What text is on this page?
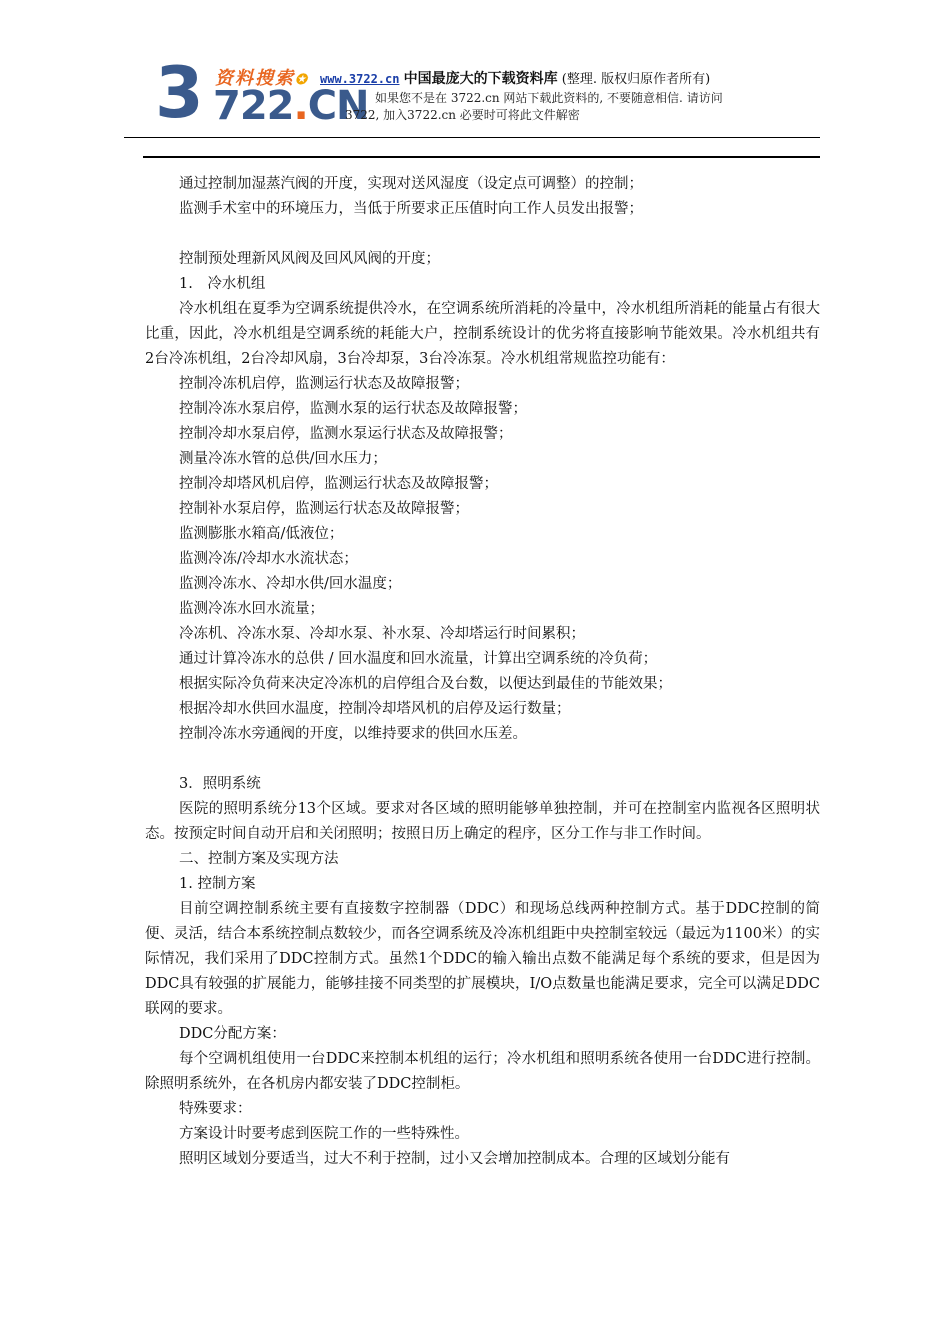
3 资料搜索✪
722.CN
www.3722.cn 中国最庞大的下载资料库 (整理. 版权归原作者所有)
如果您不是在 3722.cn 网站下载此资料的, 不要随意相信. 请访问
3722, 加入3722.cn 必要时可将此文件解密

通过控制加湿蒸汽阀的开度，实现对送风湿度（设定点可调整）的控制；

监测手术室中的环境压力，当低于所要求正压值时向工作人员发出报警；

控制预处理新风风阀及回风风阀的开度；

1.　冷水机组

冷水机组在夏季为空调系统提供冷水，在空调系统所消耗的冷量中，冷水机组所消耗的能量占有很大比重，因此，冷水机组是空调系统的耗能大户，控制系统设计的优劣将直接影响节能效果。冷水机组共有2台冷冻机组，2台冷却风扇，3台冷却泵，3台冷冻泵。冷水机组常规监控功能有：

控制冷冻机启停，监测运行状态及故障报警；

控制冷冻水泵启停，监测水泵的运行状态及故障报警；

控制冷却水泵启停，监测水泵运行状态及故障报警；

测量冷冻水管的总供/回水压力；

控制冷却塔风机启停，监测运行状态及故障报警；

控制补水泵启停，监测运行状态及故障报警；

监测膨胀水箱高/低液位；

监测冷冻/冷却水水流状态；

监测冷冻水、冷却水供/回水温度；

监测冷冻水回水流量；

冷冻机、冷冻水泵、冷却水泵、补水泵、冷却塔运行时间累积；

通过计算冷冻水的总供 / 回水温度和回水流量，计算出空调系统的冷负荷；

根据实际冷负荷来决定冷冻机的启停组合及台数，以便达到最佳的节能效果；

根据冷却水供回水温度，控制冷却塔风机的启停及运行数量；

控制冷冻水旁通阀的开度，以维持要求的供回水压差。

3．照明系统

医院的照明系统分13个区域。要求对各区域的照明能够单独控制，并可在控制室内监视各区照明状态。按预定时间自动开启和关闭照明；按照日历上确定的程序，区分工作与非工作时间。

二、控制方案及实现方法

1. 控制方案

目前空调控制系统主要有直接数字控制器（DDC）和现场总线两种控制方式。基于DDC控制的简便、灵活，结合本系统控制点数较少，而各空调系统及冷冻机组距中央控制室较远（最远为1100米）的实际情况，我们采用了DDC控制方式。虽然1个DDC的输入输出点数不能满足每个系统的要求，但是因为DDC具有较强的扩展能力，能够挂接不同类型的扩展模块，I/O点数量也能满足要求，完全可以满足DDC联网的要求。

DDC分配方案：

每个空调机组使用一台DDC来控制本机组的运行；冷水机组和照明系统各使用一台DDC进行控制。除照明系统外，在各机房内都安装了DDC控制柜。

特殊要求：

方案设计时要考虑到医院工作的一些特殊性。

照明区域划分要适当，过大不利于控制，过小又会增加控制成本。合理的区域划分能有
